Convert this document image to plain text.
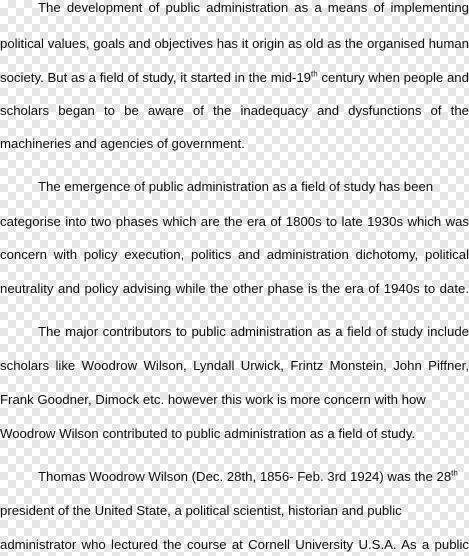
The development of public administration as a means of implementing
political values, goals and objectives has it origin as old as the organised human
society. But as a field of study, it started in the mid-19th century when people and
scholars began to be aware of the inadequacy and dysfunctions of the
machineries and agencies of government.
The emergence of public administration as a field of study has been
categorise into two phases which are the era of 1800s to late 1930s which was
concern with policy execution, politics and administration dichotomy, political
neutrality and policy advising while the other phase is the era of 1940s to date.
The major contributors to public administration as a field of study include
scholars like Woodrow Wilson, Lyndall Urwick, Frintz Monstein, John Piffner,
Frank Goodner, Dimock etc. however this work is more concern with how
Woodrow Wilson contributed to public administration as a field of study.
Thomas Woodrow Wilson (Dec. 28th, 1856- Feb. 3rd 1924) was the 28th
president of the United State, a political scientist, historian and public
administrator who lectured the course at Cornell University U.S.A. As a public
